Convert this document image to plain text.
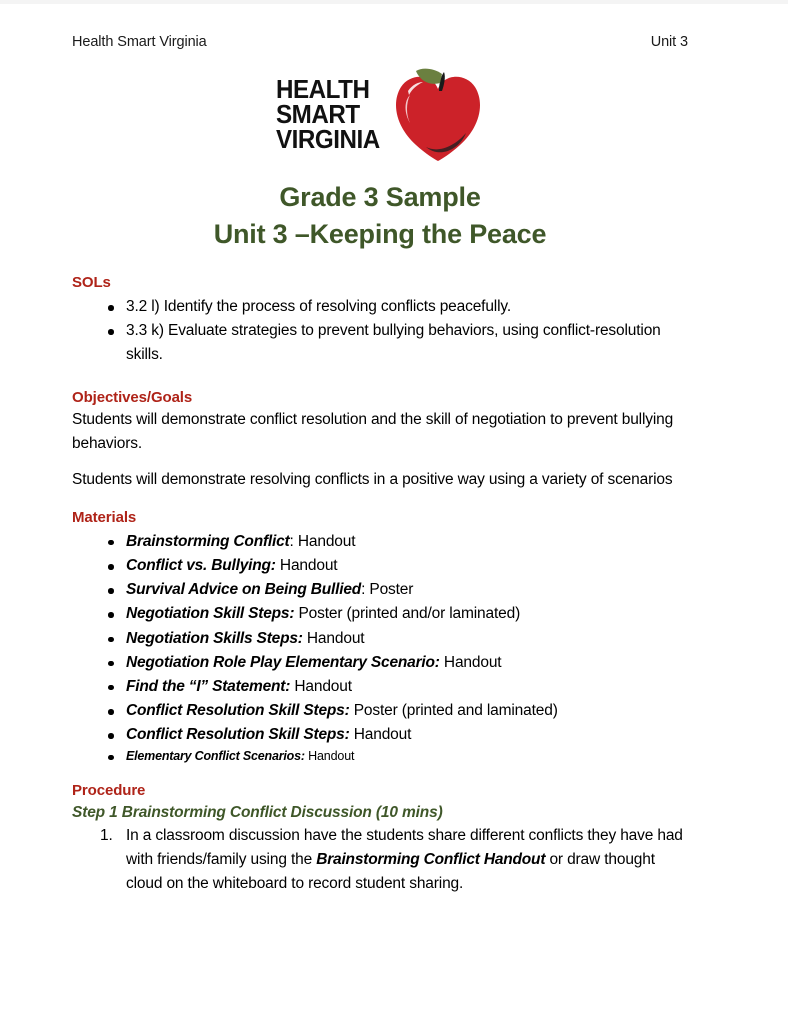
Health Smart Virginia	Unit 3
HEALTH
SMART
VIRGINIA
Grade 3 Sample
Unit 3 –Keeping the Peace
SOLs
3.2 l) Identify the process of resolving conflicts peacefully.
3.3 k) Evaluate strategies to prevent bullying behaviors, using conflict-resolution skills.
Objectives/Goals

Students will demonstrate conflict resolution and the skill of negotiation to prevent bullying behaviors.

Students will demonstrate resolving conflicts in a positive way using a variety of scenarios

Materials
Brainstorming Conflict: Handout
Conflict vs. Bullying: Handout
Survival Advice on Being Bullied: Poster
Negotiation Skill Steps: Poster (printed and/or laminated)
Negotiation Skills Steps: Handout
Negotiation Role Play Elementary Scenario: Handout
Find the “I” Statement: Handout
Conflict Resolution Skill Steps: Poster (printed and laminated)
Conflict Resolution Skill Steps: Handout
Elementary Conflict Scenarios: Handout
Procedure
Step 1 Brainstorming Conflict Discussion (10 mins)
In a classroom discussion have the students share different conflicts they have had with friends/family using the Brainstorming Conflict Handout or draw thought cloud on the whiteboard to record student sharing.
